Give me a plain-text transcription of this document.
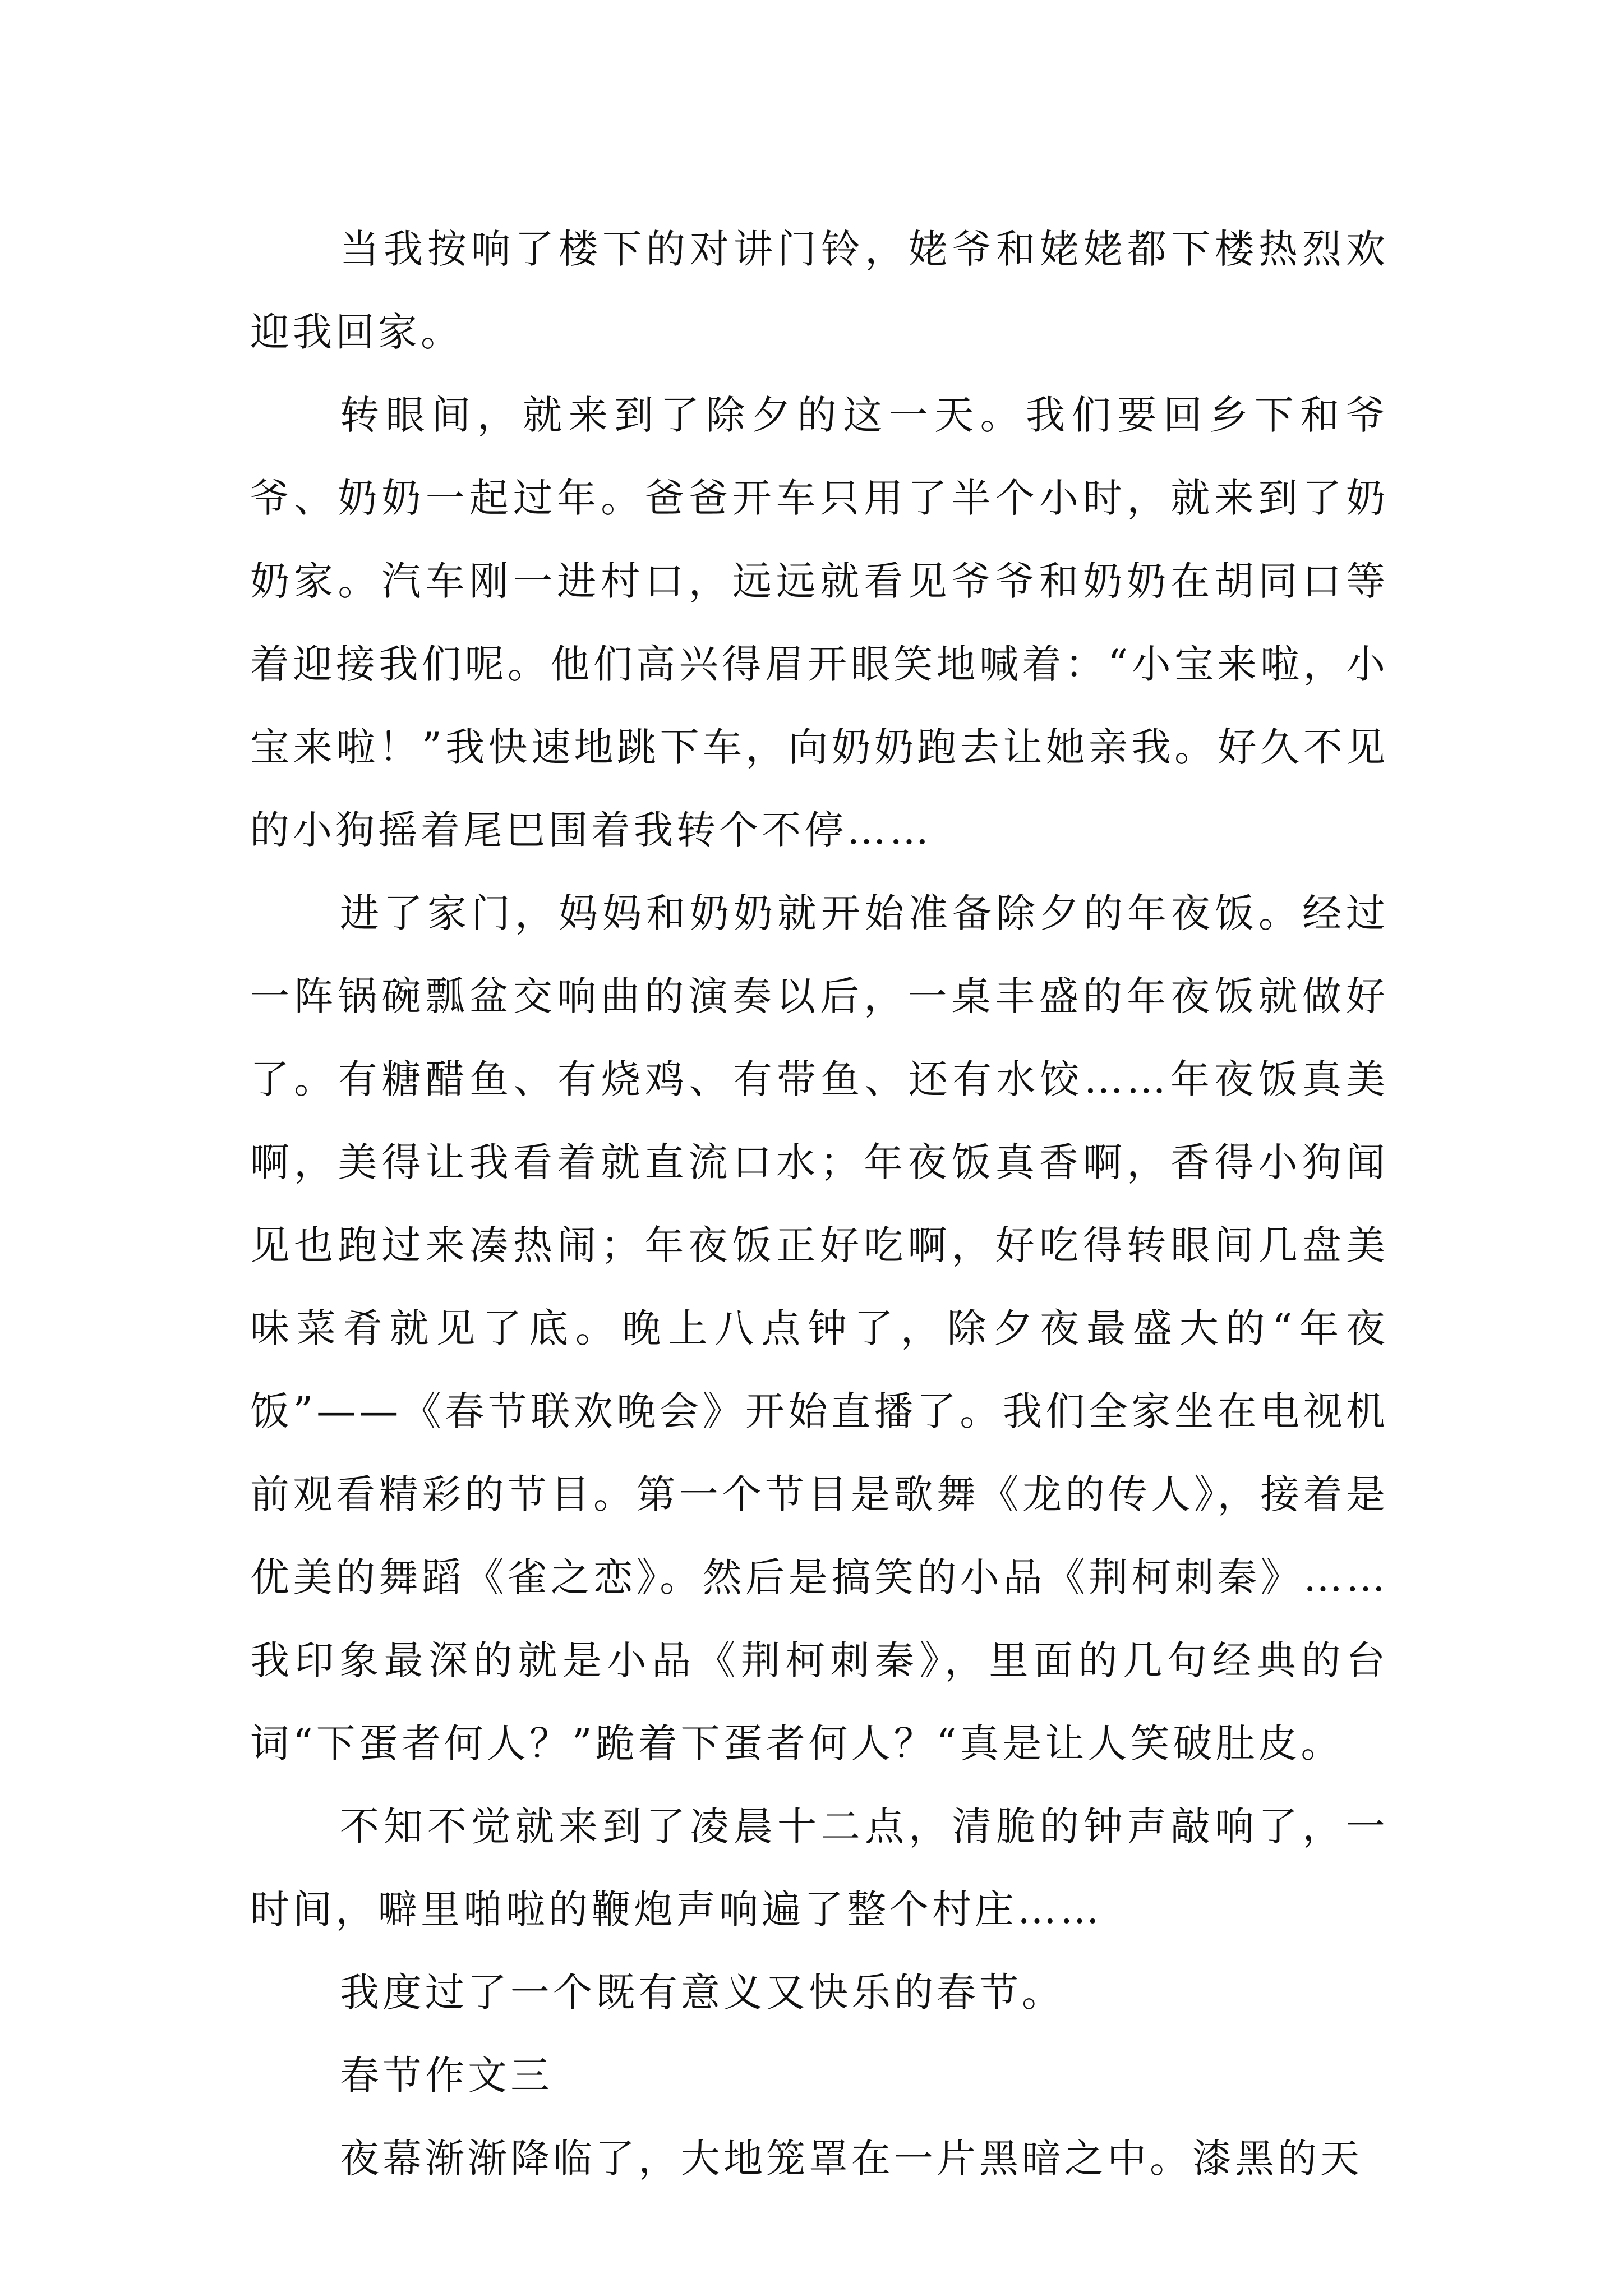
当我按响了楼下的对讲门铃，姥爷和姥姥都下楼热烈欢迎我回家。

转眼间，就来到了除夕的这一天。我们要回乡下和爷爷、奶奶一起过年。爸爸开车只用了半个小时，就来到了奶奶家。汽车刚一进村口，远远就看见爷爷和奶奶在胡同口等着迎接我们呢。他们高兴得眉开眼笑地喊着：“小宝来啦，小宝来啦！”我快速地跳下车，向奶奶跑去让她亲我。好久不见的小狗摇着尾巴围着我转个不停……

进了家门，妈妈和奶奶就开始准备除夕的年夜饭。经过一阵锅碗瓢盆交响曲的演奏以后，一桌丰盛的年夜饭就做好了。有糖醋鱼、有烧鸡、有带鱼、还有水饺……年夜饭真美啊，美得让我看着就直流口水；年夜饭真香啊，香得小狗闻见也跑过来凑热闹；年夜饭正好吃啊，好吃得转眼间几盘美味菜肴就见了底。晚上八点钟了，除夕夜最盛大的“年夜饭”——《春节联欢晚会》开始直播了。我们全家坐在电视机前观看精彩的节目。第一个节目是歌舞《龙的传人》，接着是优美的舞蹈《雀之恋》。然后是搞笑的小品《荆柯刺秦》……我印象最深的就是小品《荆柯刺秦》，里面的几句经典的台词“下蛋者何人？”跪着下蛋者何人？“真是让人笑破肚皮。

不知不觉就来到了凌晨十二点，清脆的钟声敲响了，一时间，噼里啪啦的鞭炮声响遍了整个村庄……

我度过了一个既有意义又快乐的春节。

春节作文三

夜幕渐渐降临了，大地笼罩在一片黑暗之中。漆黑的天
